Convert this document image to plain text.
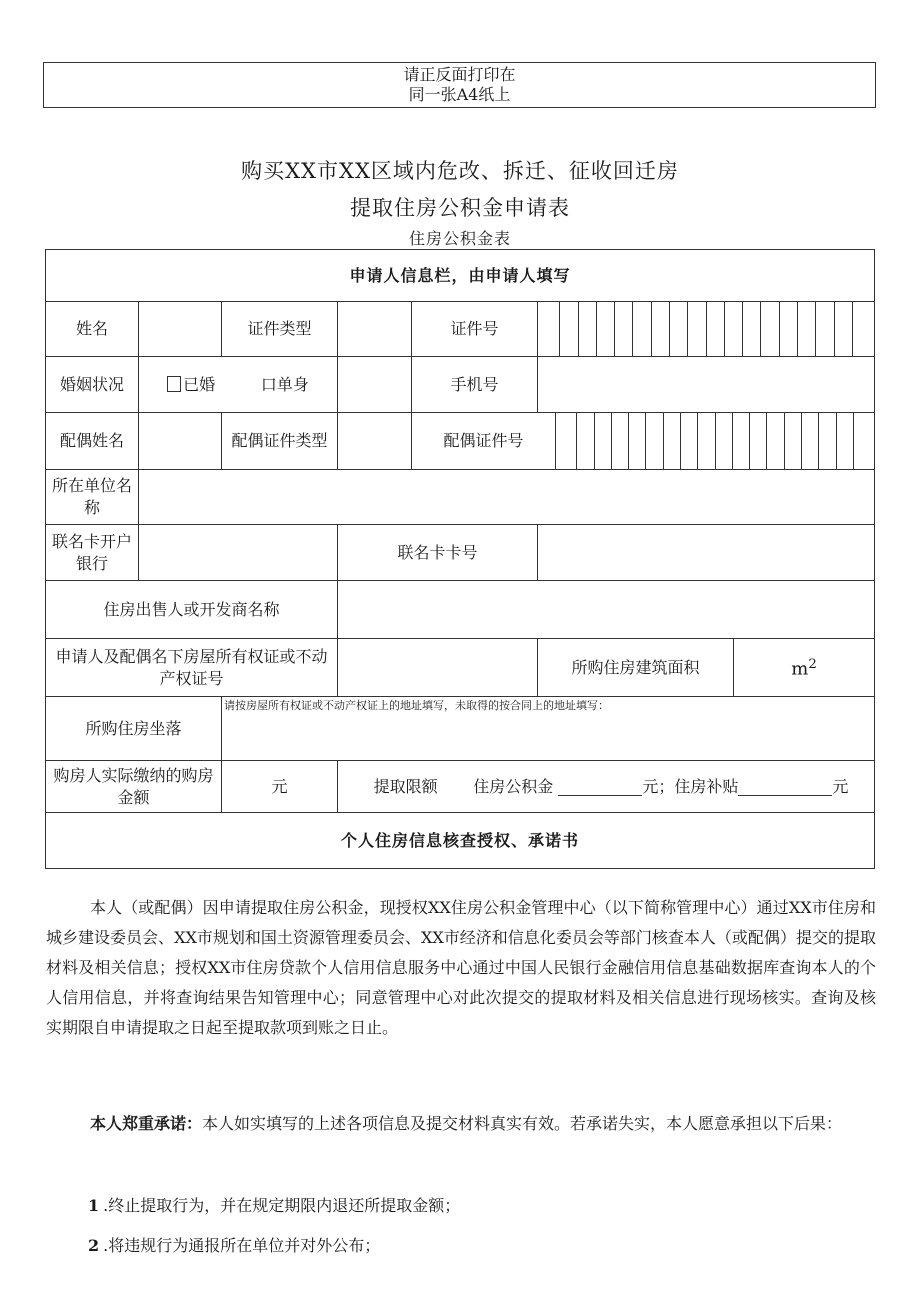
请正反面打印在
同一张A4纸上
购买XX市XX区域内危改、拆迁、征收回迁房
提取住房公积金申请表
住房公积金表
申请人信息栏，由申请人填写							
姓名		证件类型		证件号			

婚姻状况	已婚 口单身			手机号			
配偶姓名		配偶证件类型		配偶证件号			

所在单位名称							
联名卡开户银行			联名卡卡号				
住房出售人或开发商名称							
申请人及配偶名下房屋所有权证或不动产权证号					所购住房建筑面积		$m^2$
所购住房坐落		请按房屋所有权证或不动产权证上的地址填写，未取得的按合同上的地址填写：					

购房人实际缴纳的购房金额		元	提取限额 住房公积金 元；住房补贴 元				
个人住房信息核查授权、承诺书							

本人（或配偶）因申请提取住房公积金，现授权XX住房公积金管理中心（以下简称管理中心）通过XX市住房和城乡建设委员会、XX市规划和国土资源管理委员会、XX市经济和信息化委员会等部门核查本人（或配偶）提交的提取材料及相关信息；授权XX市住房贷款个人信用信息服务中心通过中国人民银行金融信用信息基础数据库查询本人的个人信用信息，并将查询结果告知管理中心；同意管理中心对此次提交的提取材料及相关信息进行现场核实。查询及核实期限自申请提取之日起至提取款项到账之日止。

本人郑重承诺：本人如实填写的上述各项信息及提交材料真实有效。若承诺失实，本人愿意承担以下后果：

1 .终止提取行为，并在规定期限内退还所提取金额；
2 .将违规行为通报所在单位并对外公布；
